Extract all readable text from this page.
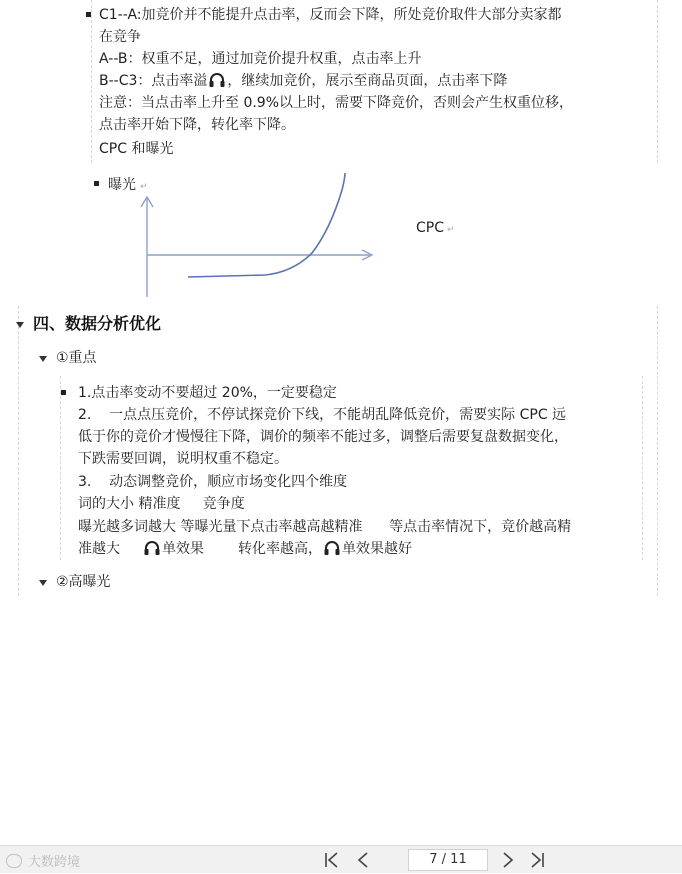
C1--A:加竞价并不能提升点击率，反而会下降，所处竞价取件大部分卖家都
在竞争
A--B：权重不足，通过加竞价提升权重，点击率上升
B--C3：点击率溢 ，继续加竞价，展示至商品页面，点击率下降
注意：当点击率上升至 0.9%以上时，需要下降竞价，否则会产生权重位移，
点击率开始下降，转化率下降。
CPC 和曝光
曝光 ↵
CPC ↵
四、数据分析优化
①重点
1.点击率变动不要超过 20%，一定要稳定
2.    一点点压竞价，不停试探竞价下线，不能胡乱降低竞价，需要实际 CPC 远
低于你的竞价才慢慢往下降，调价的频率不能过多，调整后需要复盘数据变化，
下跌需要回调，说明权重不稳定。
3.    动态调整竞价，顺应市场变化四个维度
词的大小 精准度     竞争度
曝光越多词越大 等曝光量下点击率越高越精准      等点击率情况下，竞价越高精
准越大	单效果 转化率越高， 单效果越好
②高曝光
大数跨境	7 / 11
